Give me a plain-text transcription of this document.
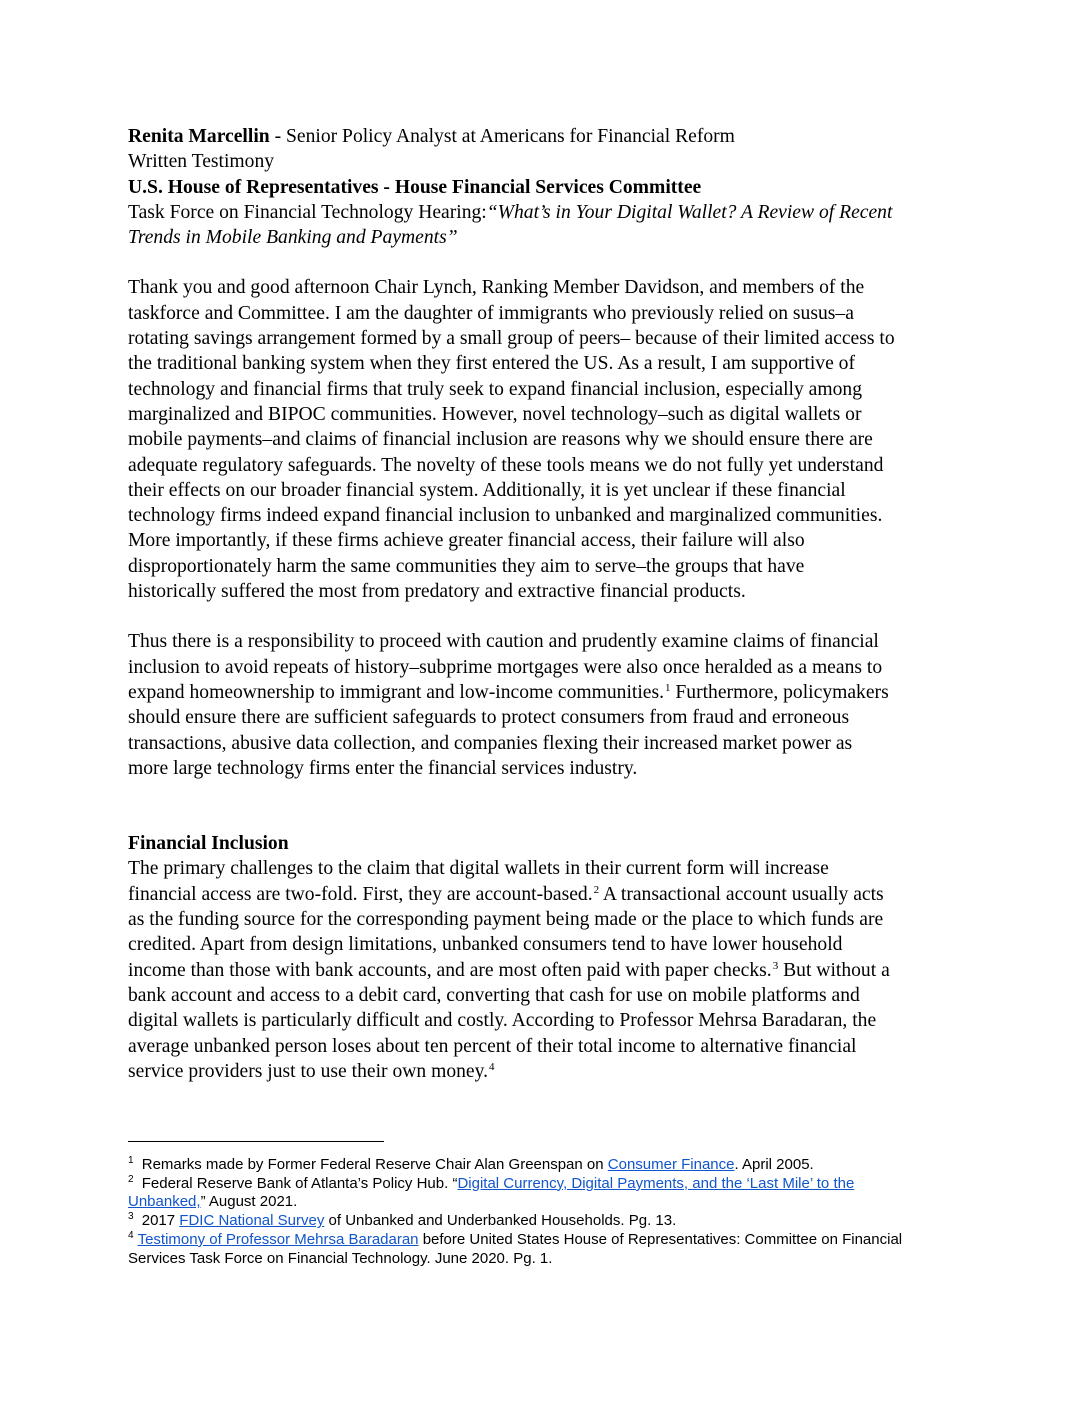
Renita Marcellin - Senior Policy Analyst at Americans for Financial Reform
Written Testimony
U.S. House of Representatives - House Financial Services Committee
Task Force on Financial Technology Hearing:“What’s in Your Digital Wallet? A Review of Recent
Trends in Mobile Banking and Payments”
Thank you and good afternoon Chair Lynch, Ranking Member Davidson, and members of the
taskforce and Committee. I am the daughter of immigrants who previously relied on susus–a
rotating savings arrangement formed by a small group of peers– because of their limited access to
the traditional banking system when they first entered the US. As a result, I am supportive of
technology and financial firms that truly seek to expand financial inclusion, especially among
marginalized and BIPOC communities. However, novel technology–such as digital wallets or
mobile payments–and claims of financial inclusion are reasons why we should ensure there are
adequate regulatory safeguards. The novelty of these tools means we do not fully yet understand
their effects on our broader financial system. Additionally, it is yet unclear if these financial
technology firms indeed expand financial inclusion to unbanked and marginalized communities.
More importantly, if these firms achieve greater financial access, their failure will also
disproportionately harm the same communities they aim to serve–the groups that have
historically suffered the most from predatory and extractive financial products.
Thus there is a responsibility to proceed with caution and prudently examine claims of financial
inclusion to avoid repeats of history–subprime mortgages were also once heralded as a means to
expand homeownership to immigrant and low-income communities.$^1$ Furthermore, policymakers
should ensure there are sufficient safeguards to protect consumers from fraud and erroneous
transactions, abusive data collection, and companies flexing their increased market power as
more large technology firms enter the financial services industry.
Financial Inclusion
The primary challenges to the claim that digital wallets in their current form will increase
financial access are two-fold. First, they are account-based.$^2$ A transactional account usually acts
as the funding source for the corresponding payment being made or the place to which funds are
credited. Apart from design limitations, unbanked consumers tend to have lower household
income than those with bank accounts, and are most often paid with paper checks.$^3$ But without a
bank account and access to a debit card, converting that cash for use on mobile platforms and
digital wallets is particularly difficult and costly. According to Professor Mehrsa Baradaran, the
average unbanked person loses about ten percent of their total income to alternative financial
service providers just to use their own money.$^4$
$^1$ Remarks made by Former Federal Reserve Chair Alan Greenspan on Consumer Finance. April 2005.
$^2$ Federal Reserve Bank of Atlanta’s Policy Hub. “Digital Currency, Digital Payments, and the ‘Last Mile’ to the
Unbanked,” August 2021.
$^3$ 2017 FDIC National Survey of Unbanked and Underbanked Households. Pg. 13.
$^4$ Testimony of Professor Mehrsa Baradaran before United States House of Representatives: Committee on Financial
Services Task Force on Financial Technology. June 2020. Pg. 1.
